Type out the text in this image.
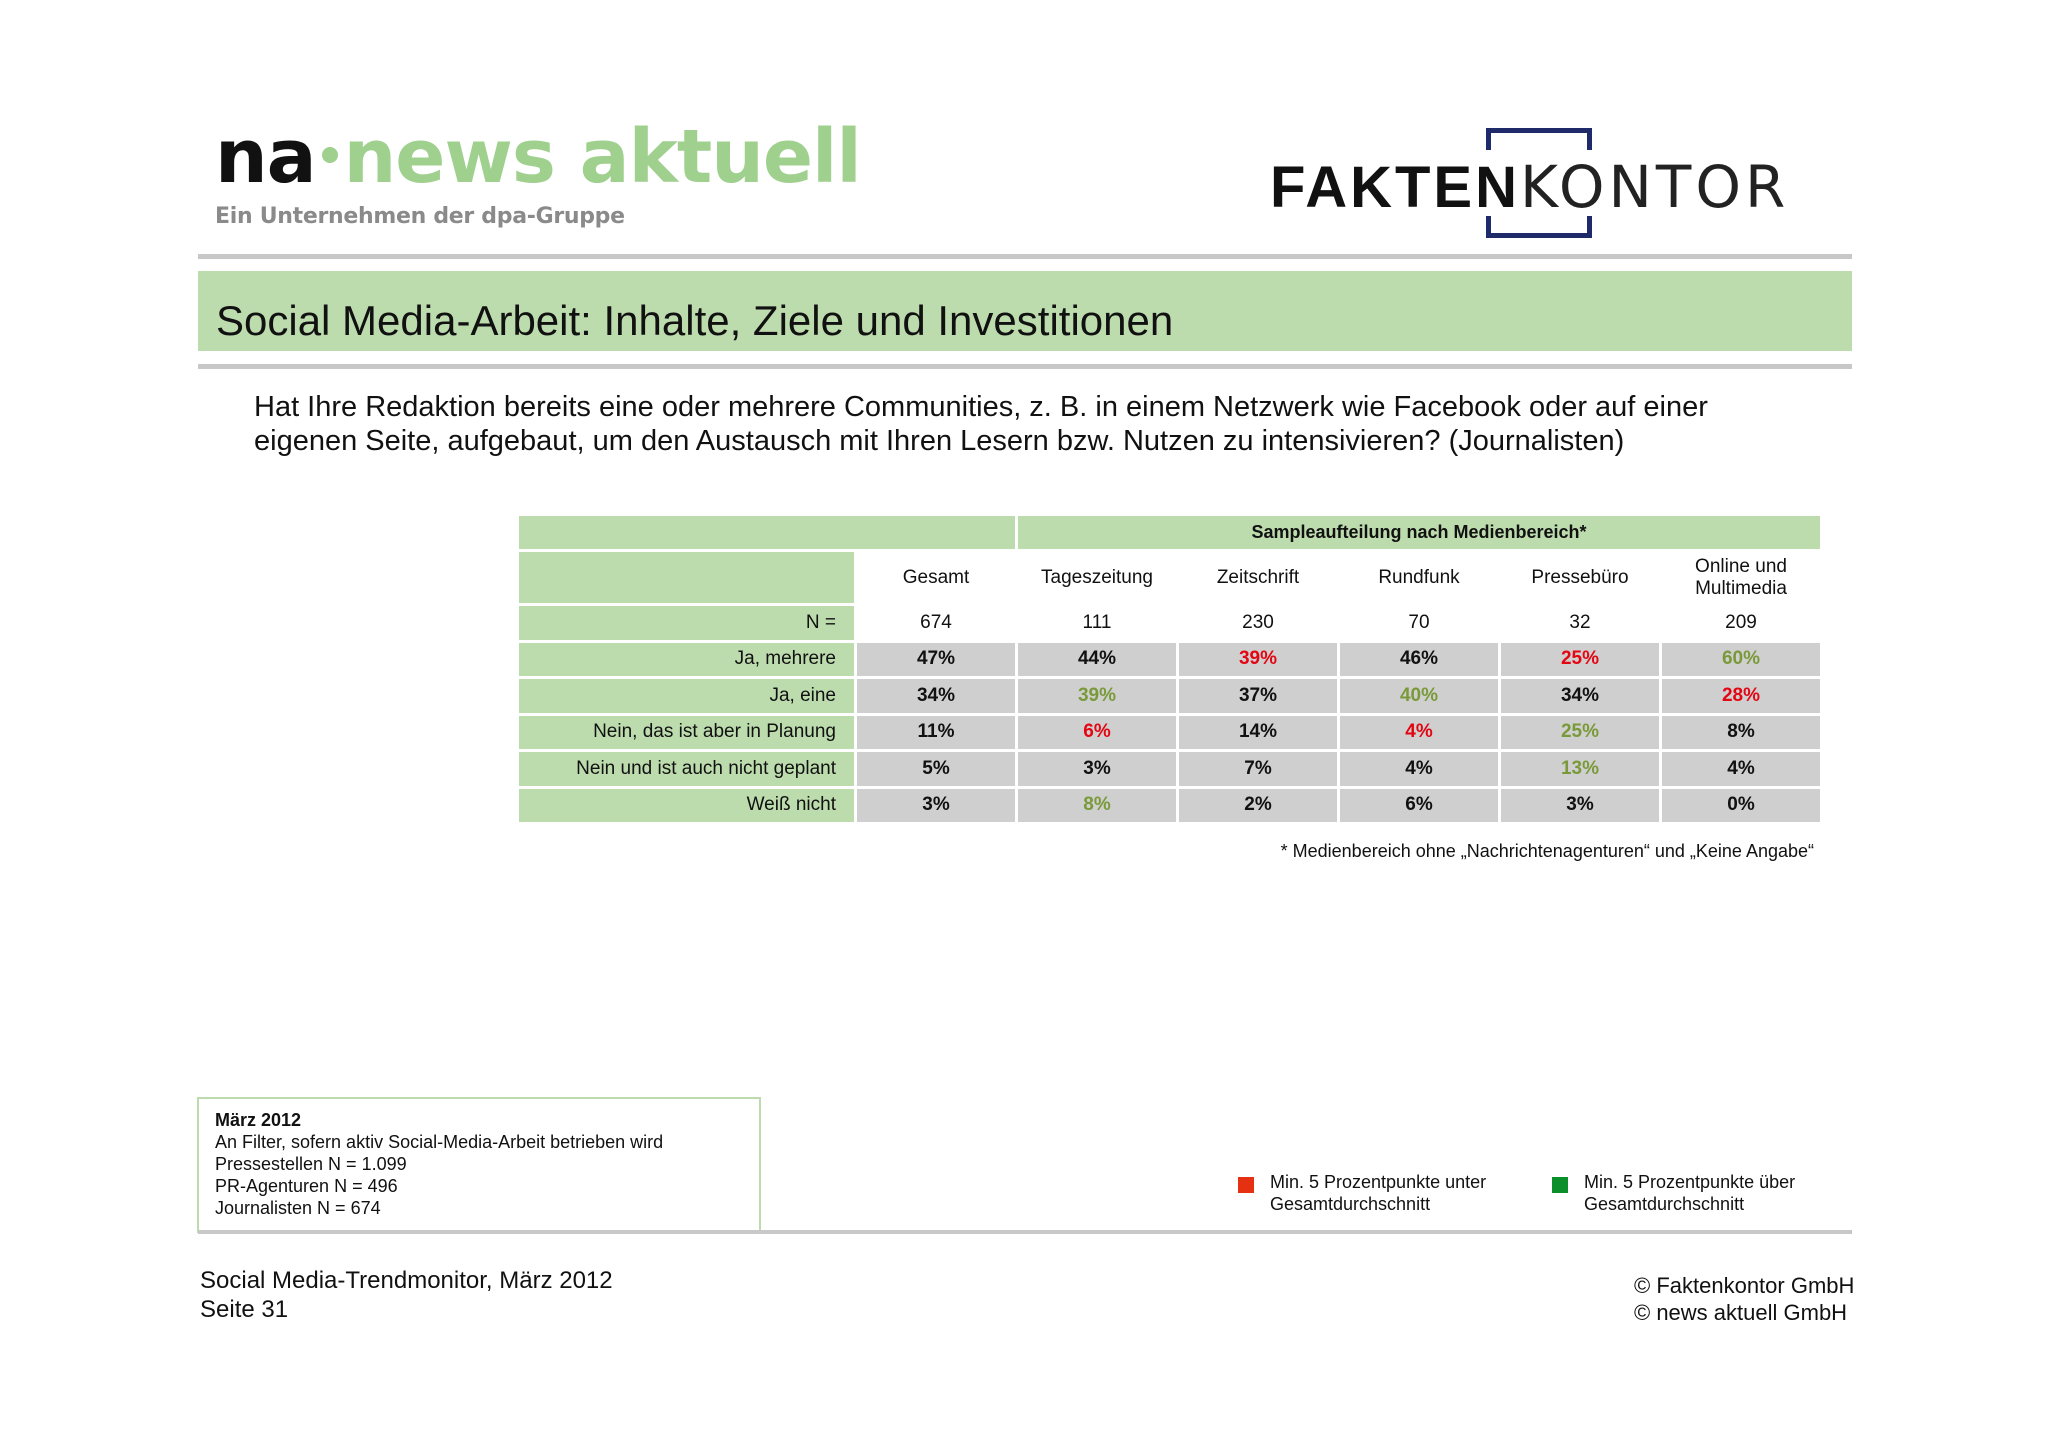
na news aktuell
Ein Unternehmen der dpa-Gruppe	FAKTENKONTOR
Social Media-Arbeit: Inhalte, Ziele und Investitionen
Hat Ihre Redaktion bereits eine oder mehrere Communities, z. B. in einem Netzwerk wie Facebook oder auf einer eigenen Seite, aufgebaut, um den Austausch mit Ihren Lesern bzw. Nutzen zu intensivieren? (Journalisten)
		Sampleaufteilung nach Medienbereich*				
	Gesamt	Tageszeitung	Zeitschrift	Rundfunk	Pressebüro	Online und Multimedia
N =	674	111	230	70	32	209
Ja, mehrere	47%	44%	39%	46%	25%	60%
Ja, eine	34%	39%	37%	40%	34%	28%
Nein, das ist aber in Planung	11%	6%	14%	4%	25%	8%
Nein und ist auch nicht geplant	5%	3%	7%	4%	13%	4%
Weiß nicht	3%	8%	2%	6%	3%	0%
* Medienbereich ohne „Nachrichtenagenturen“ und „Keine Angabe“
März 2012
An Filter, sofern aktiv Social-Media-Arbeit betrieben wird
Pressestellen N = 1.099
PR-Agenturen N = 496
Journalisten N = 674
Min. 5 Prozentpunkte unter
Gesamtdurchschnitt
Min. 5 Prozentpunkte über
Gesamtdurchschnitt
Social Media-Trendmonitor, März 2012
Seite 31
© Faktenkontor GmbH
© news aktuell GmbH
